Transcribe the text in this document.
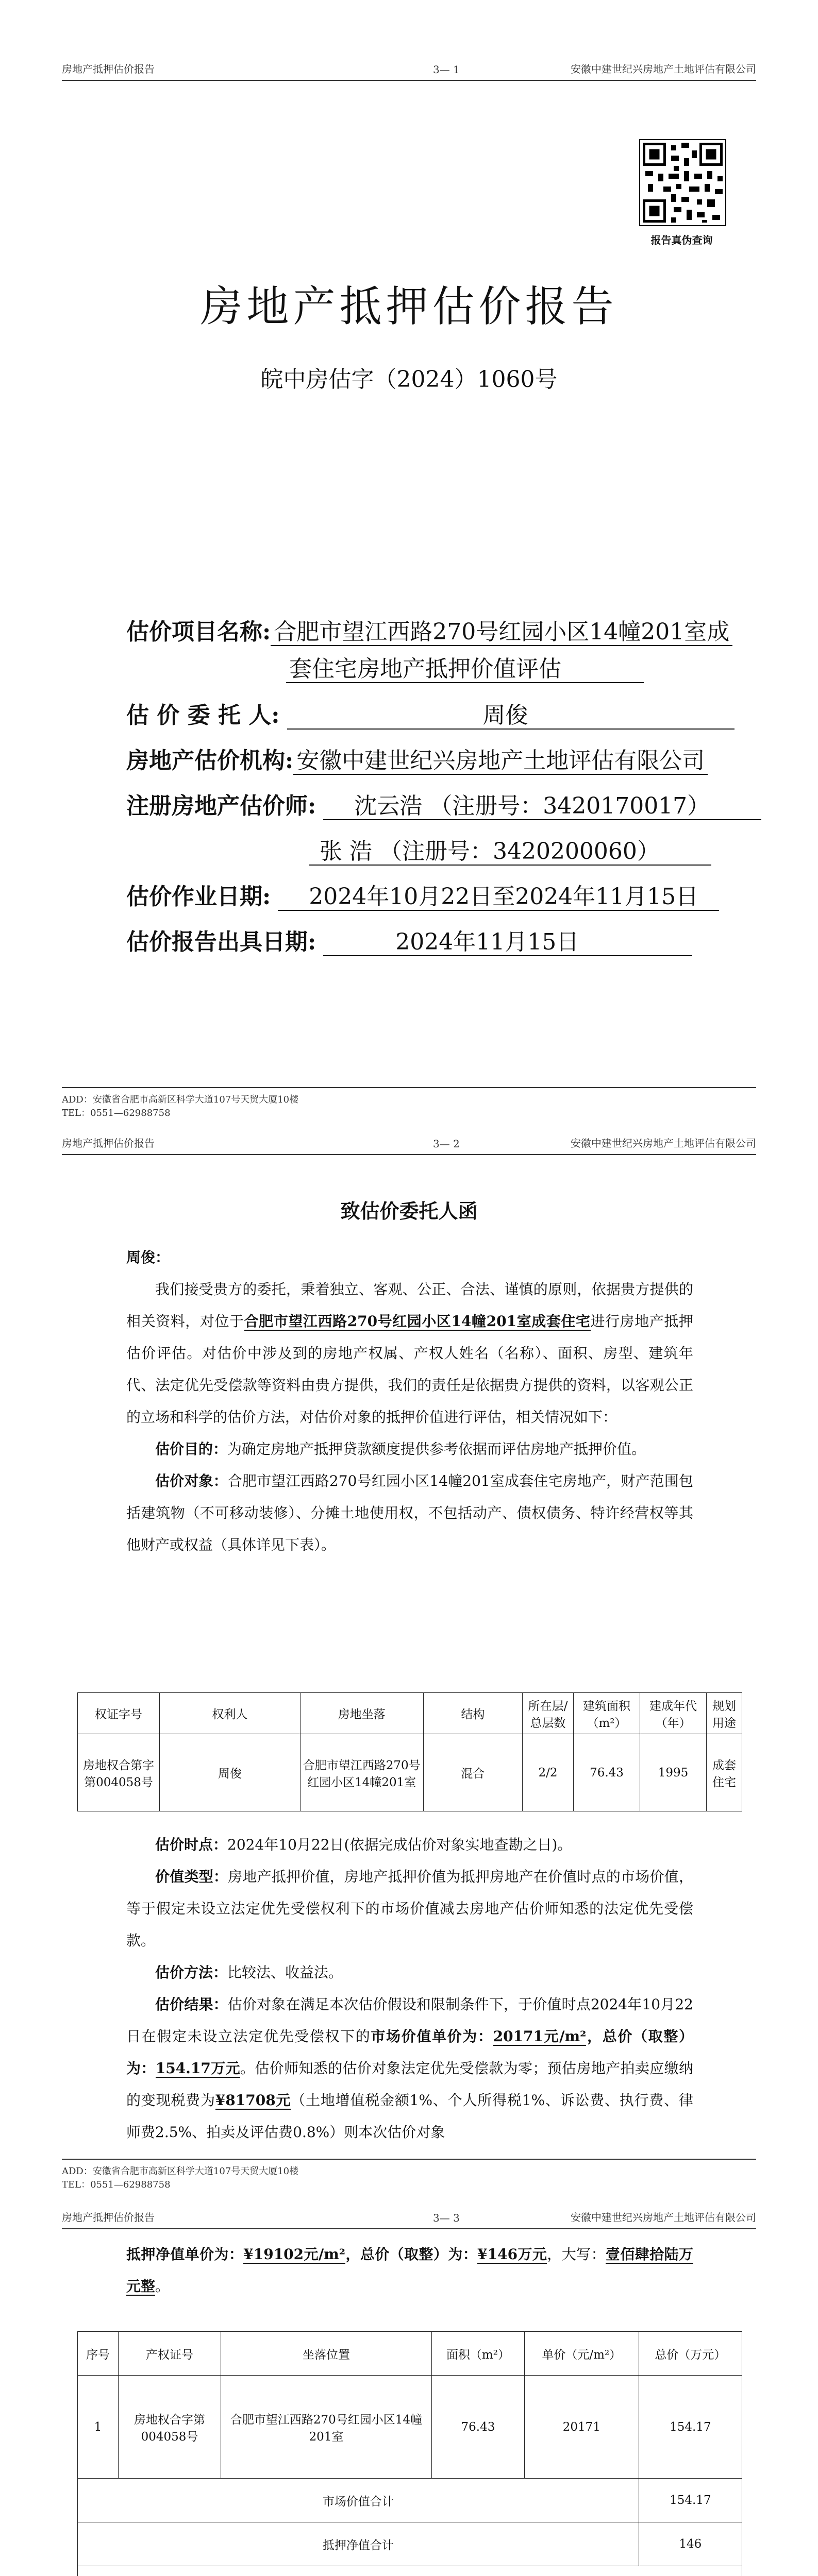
房地产抵押估价报告	3— 1	安徽中建世纪兴房地产土地评估有限公司
报告真伪查询
房地产抵押估价报告
皖中房估字（2024）1060号
估价项目名称: 合肥市望江西路270号红园小区14幢201室成
套住宅房地产抵押价值评估
估 价 委 托 人:	周俊
房地产估价机构: 安徽中建世纪兴房地产土地评估有限公司
注册房地产估价师: 沈云浩 （注册号：3420170017）
张 浩 （注册号：3420200060）
估价作业日期: 2024年10月22日至2024年11月15日
估价报告出具日期:	2024年11月15日
ADD：安徽省合肥市高新区科学大道107号天贸大厦10楼
TEL：0551—62988758
房地产抵押估价报告	3— 2	安徽中建世纪兴房地产土地评估有限公司
致估价委托人函
周俊：
我们接受贵方的委托，秉着独立、客观、公正、合法、谨慎的原则，依据贵方提供的相关资料，对位于合肥市望江西路270号红园小区14幢201室成套住宅进行房地产抵押估价评估。对估价中涉及到的房地产权属、产权人姓名（名称）、面积、房型、建筑年代、法定优先受偿款等资料由贵方提供，我们的责任是依据贵方提供的资料，以客观公正的立场和科学的估价方法，对估价对象的抵押价值进行评估，相关情况如下：
估价目的：为确定房地产抵押贷款额度提供参考依据而评估房地产抵押价值。
估价对象：合肥市望江西路270号红园小区14幢201室成套住宅房地产，财产范围包括建筑物（不可移动装修）、分摊土地使用权，不包括动产、债权债务、特许经营权等其他财产或权益（具体详见下表）。
权证字号	权利人	房地坐落	结构	所在层/总层数	建筑面积（m²）	建成年代（年）	规划用途
房地权合第字第004058号	周俊	合肥市望江西路270号红园小区14幢201室	混合	2/2	76.43	1995	成套住宅
估价时点：2024年10月22日(依据完成估价对象实地查勘之日)。
价值类型：房地产抵押价值，房地产抵押价值为抵押房地产在价值时点的市场价值，等于假定未设立法定优先受偿权利下的市场价值减去房地产估价师知悉的法定优先受偿款。
估价方法：比较法、收益法。
估价结果：估价对象在满足本次估价假设和限制条件下，于价值时点2024年10月22日在假定未设立法定优先受偿权下的市场价值单价为：20171元/m²，总价（取整）为：154.17万元。估价师知悉的估价对象法定优先受偿款为零；预估房地产拍卖应缴纳的变现税费为¥81708元（土地增值税金额1%、个人所得税1%、诉讼费、执行费、律师费2.5%、拍卖及评估费0.8%）则本次估价对象
ADD：安徽省合肥市高新区科学大道107号天贸大厦10楼
TEL：0551—62988758
房地产抵押估价报告	3— 3	安徽中建世纪兴房地产土地评估有限公司
抵押净值单价为：¥19102元/m²，总价（取整）为：¥146万元，大写：壹佰肆拾陆万元整。
序号	产权证号	坐落位置	面积（m²）	单价（元/m²）	总价（万元）
1	房地权合字第004058号	合肥市望江西路270号红园小区14幢201室	76.43	20171	154.17
市场价值合计					154.17
抵押净值合计					146
